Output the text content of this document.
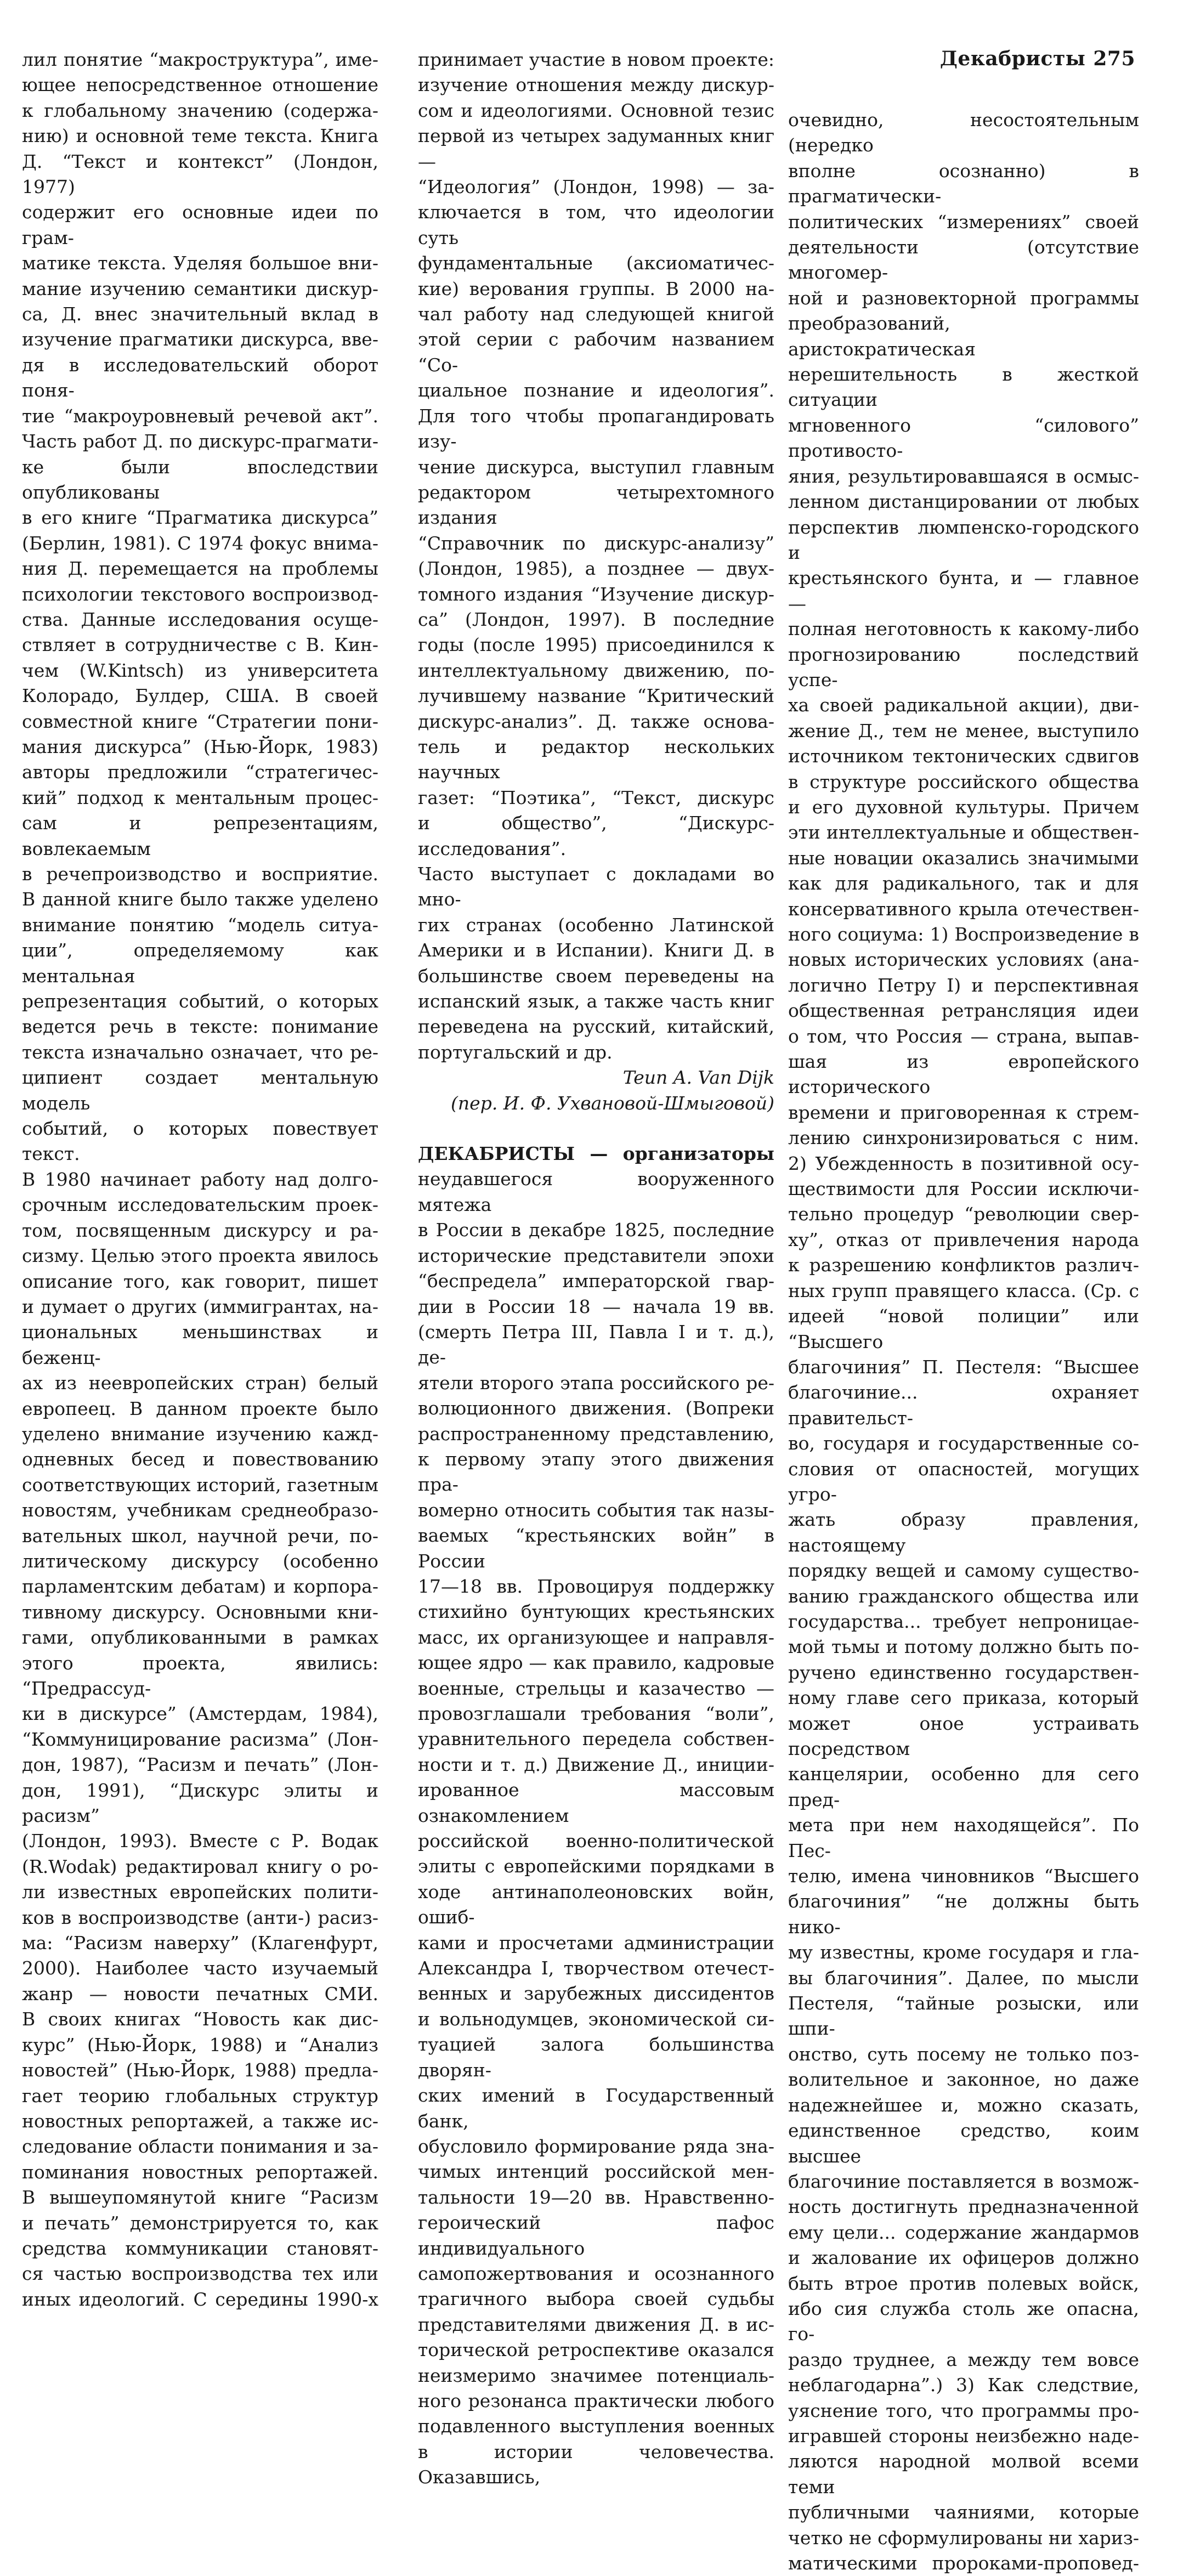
Декабристы 275

лил понятие “макроструктура”, име-

ющее непосредственное отношение

к глобальному значению (содержа-

нию) и основной теме текста. Книга

Д. “Текст и контекст” (Лондон, 1977)

содержит его основные идеи по грам-

матике текста. Уделяя большое вни-

мание изучению семантики дискур-

са, Д. внес значительный вклад в

изучение прагматики дискурса, вве-

дя в исследовательский оборот поня-

тие “макроуровневый речевой акт”.

Часть работ Д. по дискурс-прагмати-

ке были впоследствии опубликованы

в его книге “Прагматика дискурса”

(Берлин, 1981). С 1974 фокус внима-

ния Д. перемещается на проблемы

психологии текстового воспроизвод-

ства. Данные исследования осуще-

ствляет в сотрудничестве с В. Кин-

чем (W.Kintsch) из университета

Колорадо, Булдер, США. В своей

совместной книге “Стратегии пони-

мания дискурса” (Нью-Йорк, 1983)

авторы предложили “стратегичес-

кий” подход к ментальным процес-

сам и репрезентациям, вовлекаемым

в речепроизводство и восприятие.

В данной книге было также уделено

внимание понятию “модель ситуа-

ции”, определяемому как ментальная

репрезентация событий, о которых

ведется речь в тексте: понимание

текста изначально означает, что ре-

ципиент создает ментальную модель

событий, о которых повествует текст.

В 1980 начинает работу над долго-

срочным исследовательским проек-

том, посвященным дискурсу и ра-

сизму. Целью этого проекта явилось

описание того, как говорит, пишет

и думает о других (иммигрантах, на-

циональных меньшинствах и беженц-

ах из неевропейских стран) белый

европеец. В данном проекте было

уделено внимание изучению кажд-

одневных бесед и повествованию

соответствующих историй, газетным

новостям, учебникам среднеобразо-

вательных школ, научной речи, по-

литическому дискурсу (особенно

парламентским дебатам) и корпора-

тивному дискурсу. Основными кни-

гами, опубликованными в рамках

этого проекта, явились: “Предрассуд-

ки в дискурсе” (Амстердам, 1984),

“Коммуницирование расизма” (Лон-

дон, 1987), “Расизм и печать” (Лон-

дон, 1991), “Дискурс элиты и расизм”

(Лондон, 1993). Вместе с Р. Водак

(R.Wodak) редактировал книгу о ро-

ли известных европейских полити-

ков в воспроизводстве (анти-) расиз-

ма: “Расизм наверху” (Клагенфурт,

2000). Наиболее часто изучаемый

жанр — новости печатных СМИ.

В своих книгах “Новость как дис-

курс” (Нью-Йорк, 1988) и “Анализ

новостей” (Нью-Йорк, 1988) предла-

гает теорию глобальных структур

новостных репортажей, а также ис-

следование области понимания и за-

поминания новостных репортажей.

В вышеупомянутой книге “Расизм

и печать” демонстрируется то, как

средства коммуникации становят-

ся частью воспроизводства тех или

иных идеологий. С середины 1990-х

принимает участие в новом проекте:

изучение отношения между дискур-

сом и идеологиями. Основной тезис

первой из четырех задуманных книг —

“Идеология” (Лондон, 1998) — за-

ключается в том, что идеологии суть

фундаментальные (аксиоматичес-

кие) верования группы. В 2000 на-

чал работу над следующей книгой

этой серии с рабочим названием “Со-

циальное познание и идеология”.

Для того чтобы пропагандировать изу-

чение дискурса, выступил главным

редактором четырехтомного издания

“Справочник по дискурс-анализу”

(Лондон, 1985), а позднее — двух-

томного издания “Изучение дискур-

са” (Лондон, 1997). В последние

годы (после 1995) присоединился к

интеллектуальному движению, по-

лучившему название “Критический

дискурс-анализ”. Д. также основа-

тель и редактор нескольких научных

газет: “Поэтика”, “Текст, дискурс

и общество”, “Дискурс-исследования”.

Часто выступает с докладами во мно-

гих странах (особенно Латинской

Америки и в Испании). Книги Д. в

большинстве своем переведены на

испанский язык, а также часть книг

переведена на русский, китайский,

португальский и др.

Teun A. Van Dijk

(пер. И. Ф. Ухвановой-Шмыговой)

ДЕКАБРИСТЫ — организаторы

неудавшегося вооруженного мятежа

в России в декабре 1825, последние

исторические представители эпохи

“беспредела” императорской гвар-

дии в России 18 — начала 19 вв.

(смерть Петра III, Павла I и т. д.), де-

ятели второго этапа российского ре-

волюционного движения. (Вопреки

распространенному представлению,

к первому этапу этого движения пра-

вомерно относить события так назы-

ваемых “крестьянских войн” в России

17—18 вв. Провоцируя поддержку

стихийно бунтующих крестьянских

масс, их организующее и направля-

ющее ядро — как правило, кадровые

военные, стрельцы и казачество —

провозглашали требования “воли”,

уравнительного передела собствен-

ности и т. д.) Движение Д., иниции-

ированное массовым ознакомлением

российской военно-политической

элиты с европейскими порядками в

ходе антинаполеоновских войн, ошиб-

ками и просчетами администрации

Александра I, творчеством отечест-

венных и зарубежных диссидентов

и вольнодумцев, экономической си-

туацией залога большинства дворян-

ских имений в Государственный банк,

обусловило формирование ряда зна-

чимых интенций российской мен-

тальности 19—20 вв. Нравственно-

героический пафос индивидуального

самопожертвования и осознанного

трагичного выбора своей судьбы

представителями движения Д. в ис-

торической ретроспективе оказался

неизмеримо значимее потенциаль-

ного резонанса практически любого

подавленного выступления военных

в истории человечества. Оказавшись,

очевидно, несостоятельным (нередко

вполне осознанно) в прагматически-

политических “измерениях” своей

деятельности (отсутствие многомер-

ной и разновекторной программы

преобразований, аристократическая

нерешительность в жесткой ситуации

мгновенного “силового” противосто-

яния, результировавшаяся в осмыс-

ленном дистанцировании от любых

перспектив люмпенско-городского и

крестьянского бунта, и — главное —

полная неготовность к какому-либо

прогнозированию последствий успе-

ха своей радикальной акции), дви-

жение Д., тем не менее, выступило

источником тектонических сдвигов

в структуре российского общества

и его духовной культуры. Причем

эти интеллектуальные и обществен-

ные новации оказались значимыми

как для радикального, так и для

консервативного крыла отечествен-

ного социума: 1) Воспроизведение в

новых исторических условиях (ана-

логично Петру I) и перспективная

общественная ретрансляция идеи

о том, что Россия — страна, выпав-

шая из европейского исторического

времени и приговоренная к стрем-

лению синхронизироваться с ним.

2) Убежденность в позитивной осу-

ществимости для России исключи-

тельно процедур “революции свер-

ху”, отказ от привлечения народа

к разрешению конфликтов различ-

ных групп правящего класса. (Ср. с

идеей “новой полиции” или “Высшего

благочиния” П. Пестеля: “Высшее

благочиние... охраняет правительст-

во, государя и государственные со-

словия от опасностей, могущих угро-

жать образу правления, настоящему

порядку вещей и самому существо-

ванию гражданского общества или

государства... требует непроницае-

мой тьмы и потому должно быть по-

ручено единственно государствен-

ному главе сего приказа, который

может оное устраивать посредством

канцелярии, особенно для сего пред-

мета при нем находящейся”. По Пес-

телю, имена чиновников “Высшего

благочиния” “не должны быть нико-

му известны, кроме государя и гла-

вы благочиния”. Далее, по мысли

Пестеля, “тайные розыски, или шпи-

онство, суть посему не только поз-

волительное и законное, но даже

надежнейшее и, можно сказать,

единственное средство, коим высшее

благочиние поставляется в возмож-

ность достигнуть предназначенной

ему цели... содержание жандармов

и жалование их офицеров должно

быть втрое против полевых войск,

ибо сия служба столь же опасна, го-

раздо труднее, а между тем вовсе

неблагодарна”.) 3) Как следствие,

уяснение того, что программы про-

игравшей стороны неизбежно наде-

ляются народной молвой всеми теми

публичными чаяниями, которые

четко не сформулированы ни хариз-

матическими пророками-проповед-
